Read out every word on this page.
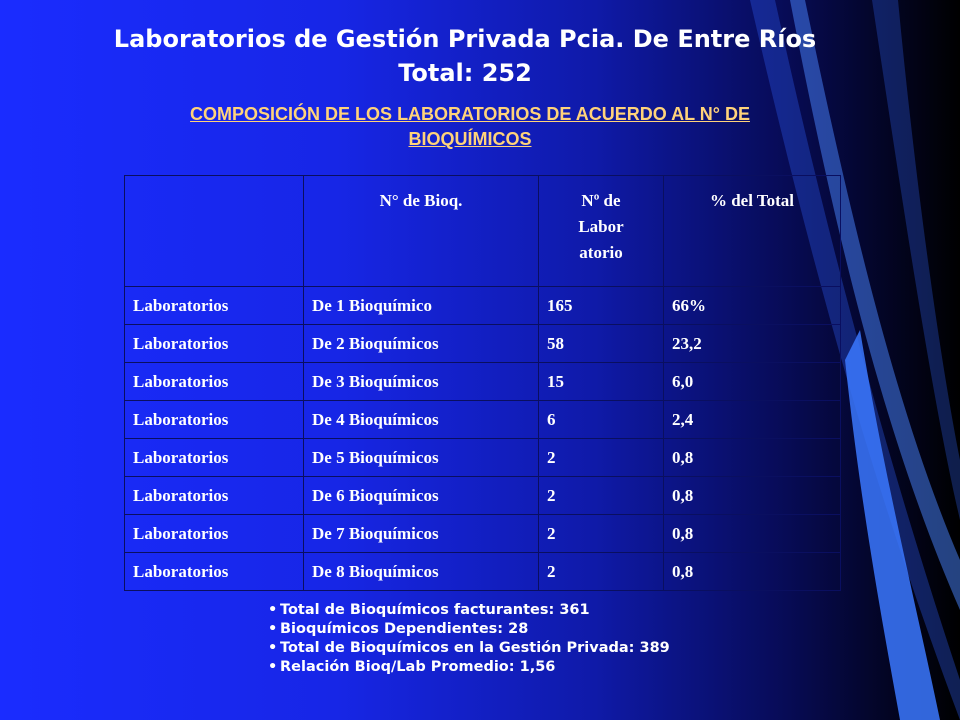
Laboratorios de Gestión Privada Pcia. De Entre Ríos
Total: 252
COMPOSICIÓN DE LOS LABORATORIOS DE ACUERDO AL N° DE
BIOQUÍMICOS
	N° de Bioq.	Nº de
Labor
atorio	% del Total
Laboratorios	De 1 Bioquímico	165	66%
Laboratorios	De 2 Bioquímicos	58	23,2
Laboratorios	De 3 Bioquímicos	15	6,0
Laboratorios	De 4 Bioquímicos	6	2,4
Laboratorios	De 5 Bioquímicos	2	0,8
Laboratorios	De 6 Bioquímicos	2	0,8
Laboratorios	De 7 Bioquímicos	2	0,8
Laboratorios	De 8 Bioquímicos	2	0,8
• Total de Bioquímicos facturantes: 361
• Bioquímicos Dependientes: 28
• Total de Bioquímicos en la Gestión Privada: 389
• Relación Bioq/Lab Promedio: 1,56
